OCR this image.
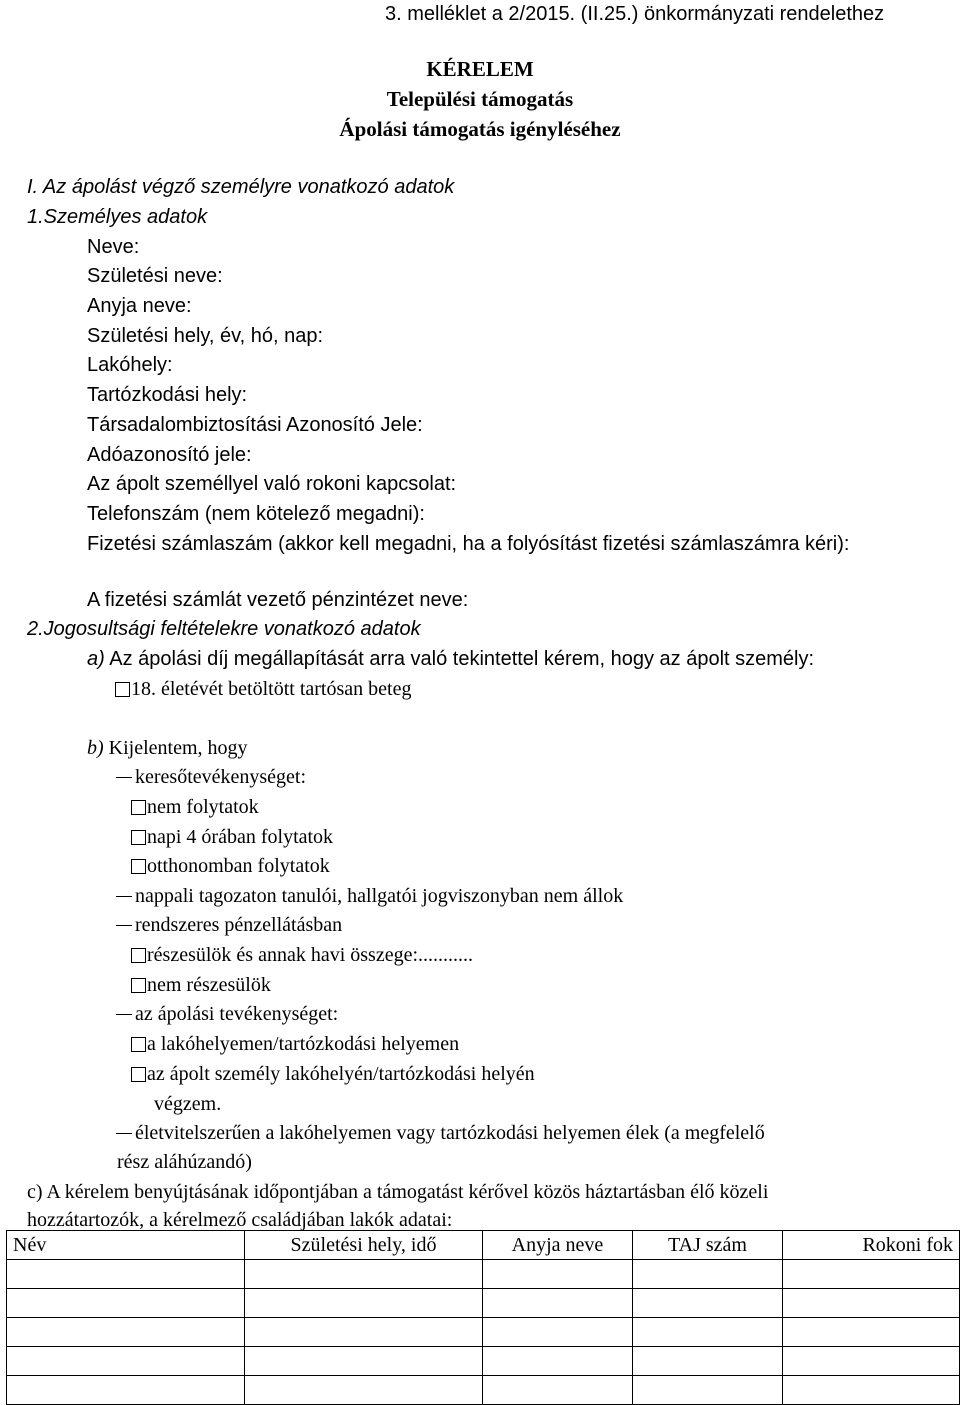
3. melléklet a 2/2015. (II.25.) önkormányzati rendelethez
KÉRELEM
Települési támogatás
Ápolási támogatás igényléséhez
I. Az ápolást végző személyre vonatkozó adatok
1.Személyes adatok
Neve:
Születési neve:
Anyja neve:
Születési hely, év, hó, nap:
Lakóhely:
Tartózkodási hely:
Társadalombiztosítási Azonosító Jele:
Adóazonosító jele:
Az ápolt személlyel való rokoni kapcsolat:
Telefonszám (nem kötelező megadni):
Fizetési számlaszám (akkor kell megadni, ha a folyósítást fizetési számlaszámra kéri):
A fizetési számlát vezető pénzintézet neve:
2.Jogosultsági feltételekre vonatkozó adatok
a) Az ápolási díj megállapítását arra való tekintettel kérem, hogy az ápolt személy:
18. életévét betöltött tartósan beteg
b) Kijelentem, hogy
keresőtevékenységet:
nem folytatok
napi 4 órában folytatok
otthonomban folytatok
nappali tagozaton tanulói, hallgatói jogviszonyban nem állok
rendszeres pénzellátásban
részesülök és annak havi összege:...........
nem részesülök
az ápolási tevékenységet:
a lakóhelyemen/tartózkodási helyemen
az ápolt személy lakóhelyén/tartózkodási helyén
végzem.
életvitelszerűen a lakóhelyemen vagy tartózkodási helyemen élek (a megfelelő
rész aláhúzandó)
c) A kérelem benyújtásának időpontjában a támogatást kérővel közös háztartásban élő közeli
hozzátartozók, a kérelmező családjában lakók adatai:
Név	Születési hely, idő	Anyja neve	TAJ szám	Rokoni fok
